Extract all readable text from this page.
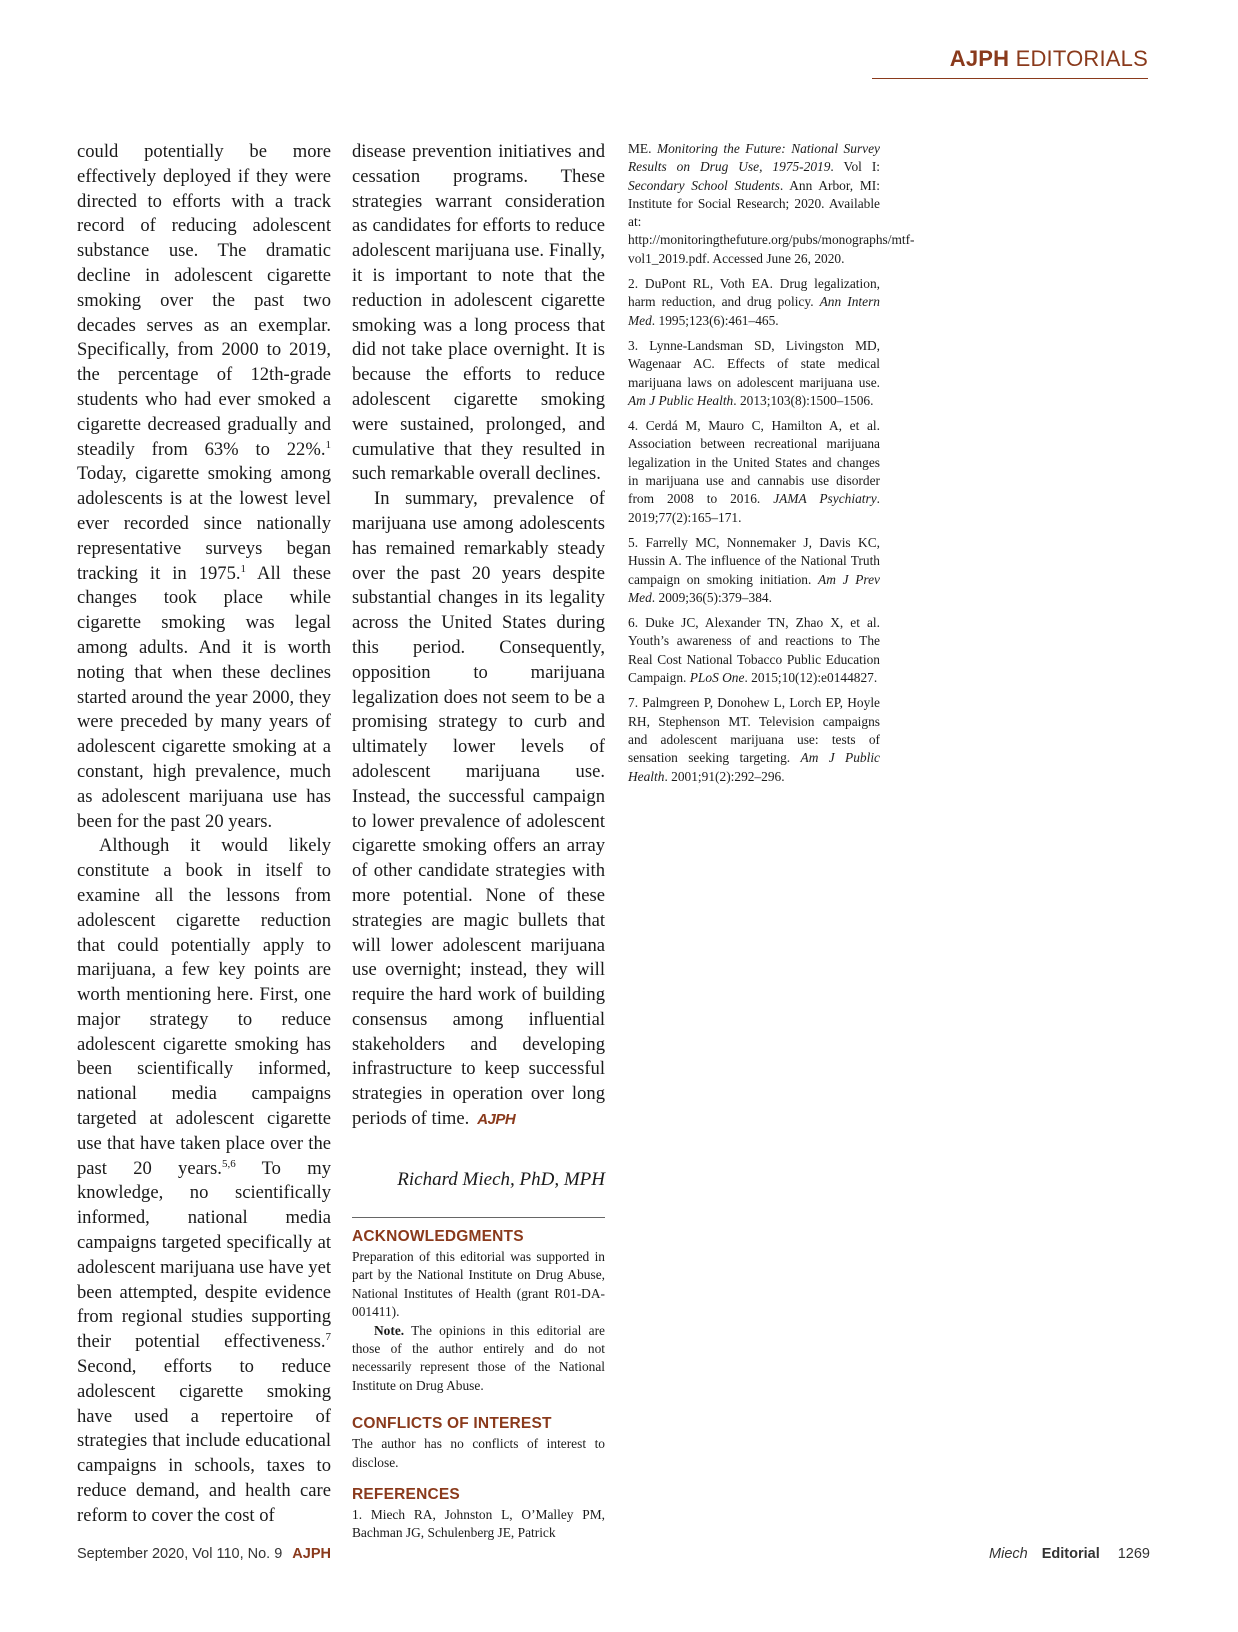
AJPH EDITORIALS

could potentially be more effectively deployed if they were directed to efforts with a track record of reducing adolescent substance use. The dramatic decline in adolescent cigarette smoking over the past two decades serves as an exemplar. Specifically, from 2000 to 2019, the percentage of 12th-grade students who had ever smoked a cigarette decreased gradually and steadily from 63% to 22%.$^1$ Today, cigarette smoking among adolescents is at the lowest level ever recorded since nationally representative surveys began tracking it in 1975.$^1$ All these changes took place while cigarette smoking was legal among adults. And it is worth noting that when these declines started around the year 2000, they were preceded by many years of adolescent cigarette smoking at a constant, high prevalence, much as adolescent marijuana use has been for the past 20 years.

Although it would likely constitute a book in itself to examine all the lessons from adolescent cigarette reduction that could potentially apply to marijuana, a few key points are worth mentioning here. First, one major strategy to reduce adolescent cigarette smoking has been scientifically informed, national media campaigns targeted at adolescent cigarette use that have taken place over the past 20 years.$^{5,6}$ To my knowledge, no scientifically informed, national media campaigns targeted specifically at adolescent marijuana use have yet been attempted, despite evidence from regional studies supporting their potential effectiveness.$^7$ Second, efforts to reduce adolescent cigarette smoking have used a repertoire of strategies that include educational campaigns in schools, taxes to reduce demand, and health care reform to cover the cost of

disease prevention initiatives and cessation programs. These strategies warrant consideration as candidates for efforts to reduce adolescent marijuana use. Finally, it is important to note that the reduction in adolescent cigarette smoking was a long process that did not take place overnight. It is because the efforts to reduce adolescent cigarette smoking were sustained, prolonged, and cumulative that they resulted in such remarkable overall declines.

In summary, prevalence of marijuana use among adolescents has remained remarkably steady over the past 20 years despite substantial changes in its legality across the United States during this period. Consequently, opposition to marijuana legalization does not seem to be a promising strategy to curb and ultimately lower levels of adolescent marijuana use. Instead, the successful campaign to lower prevalence of adolescent cigarette smoking offers an array of other candidate strategies with more potential. None of these strategies are magic bullets that will lower adolescent marijuana use overnight; instead, they will require the hard work of building consensus among influential stakeholders and developing infrastructure to keep successful strategies in operation over long periods of time. AJPH

Richard Miech, PhD, MPH

ACKNOWLEDGMENTS

Preparation of this editorial was supported in part by the National Institute on Drug Abuse, National Institutes of Health (grant R01-DA-001411).

Note. The opinions in this editorial are those of the author entirely and do not necessarily represent those of the National Institute on Drug Abuse.

CONFLICTS OF INTEREST

The author has no conflicts of interest to disclose.

REFERENCES

1. Miech RA, Johnston L, O’Malley PM, Bachman JG, Schulenberg JE, Patrick

ME. Monitoring the Future: National Survey Results on Drug Use, 1975-2019. Vol I: Secondary School Students. Ann Arbor, MI: Institute for Social Research; 2020. Available at: http://monitoringthefuture.org/pubs/monographs/mtf-vol1_2019.pdf. Accessed June 26, 2020.

2. DuPont RL, Voth EA. Drug legalization, harm reduction, and drug policy. Ann Intern Med. 1995;123(6):461–465.

3. Lynne-Landsman SD, Livingston MD, Wagenaar AC. Effects of state medical marijuana laws on adolescent marijuana use. Am J Public Health. 2013;103(8):1500–1506.

4. Cerdá M, Mauro C, Hamilton A, et al. Association between recreational marijuana legalization in the United States and changes in marijuana use and cannabis use disorder from 2008 to 2016. JAMA Psychiatry. 2019;77(2):165–171.

5. Farrelly MC, Nonnemaker J, Davis KC, Hussin A. The influence of the National Truth campaign on smoking initiation. Am J Prev Med. 2009;36(5):379–384.

6. Duke JC, Alexander TN, Zhao X, et al. Youth’s awareness of and reactions to The Real Cost National Tobacco Public Education Campaign. PLoS One. 2015;10(12):e0144827.

7. Palmgreen P, Donohew L, Lorch EP, Hoyle RH, Stephenson MT. Television campaigns and adolescent marijuana use: tests of sensation seeking targeting. Am J Public Health. 2001;91(2):292–296.

September 2020, Vol 110, No. 9 AJPH	Miech Editorial 1269
